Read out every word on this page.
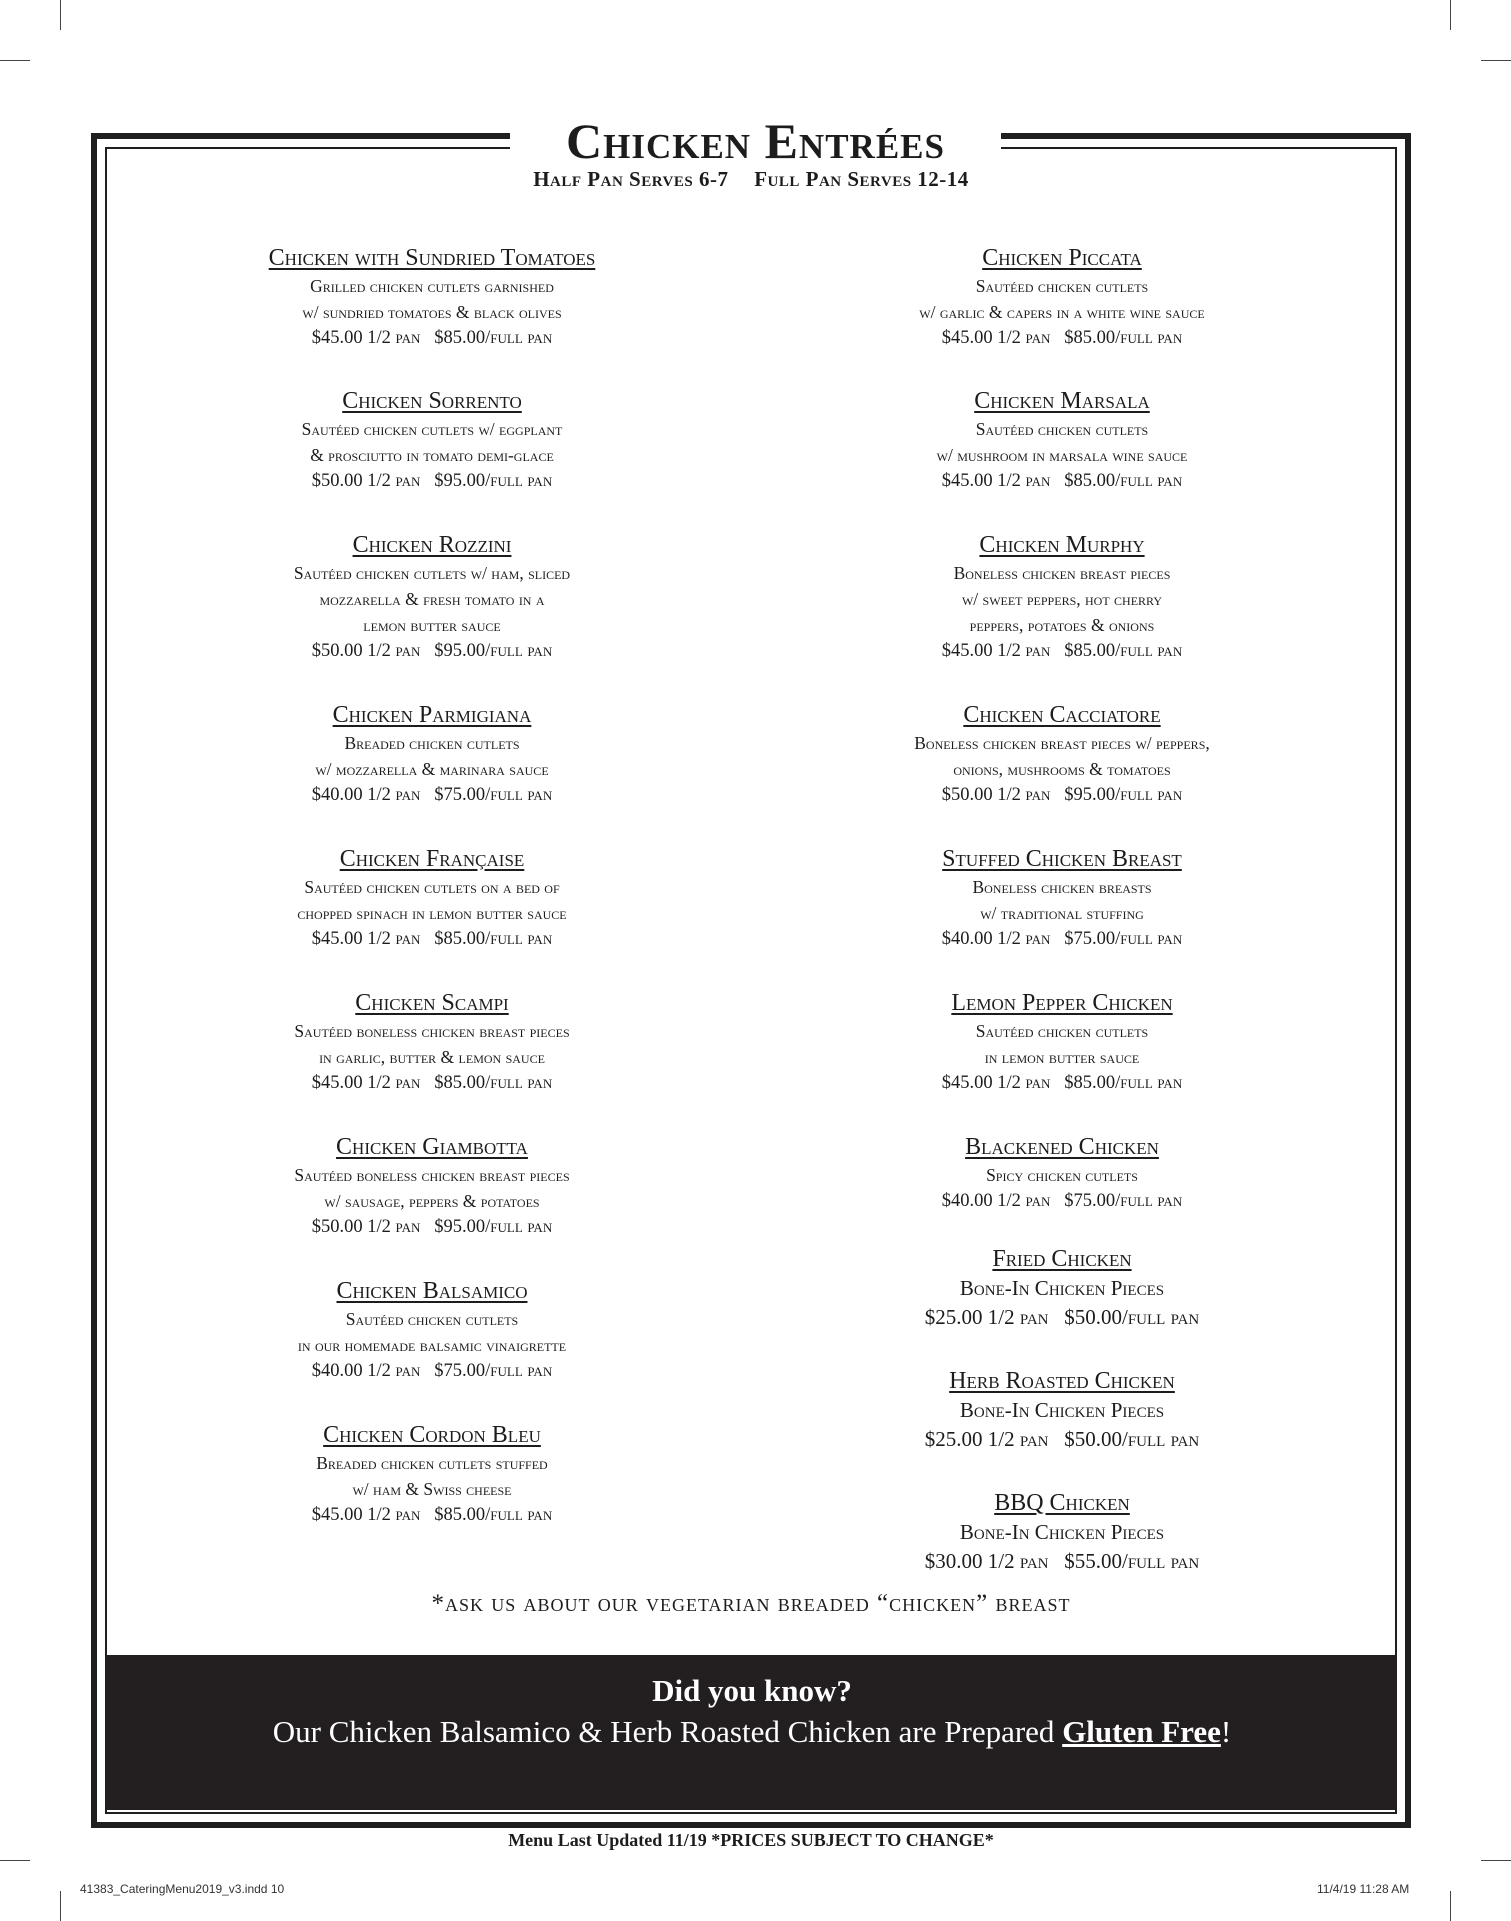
Chicken Entrées
Half Pan Serves 6-7 Full Pan Serves 12-14
Chicken with Sundried Tomatoes
Grilled chicken cutlets garnished
w/ sundried tomatoes & black olives
$45.00 1/2 pan   $85.00/full pan
Chicken Sorrento
Sautéed chicken cutlets w/ eggplant
& prosciutto in tomato demi-glace
$50.00 1/2 pan   $95.00/full pan
Chicken Rozzini
Sautéed chicken cutlets w/ ham, sliced
mozzarella & fresh tomato in a
lemon butter sauce
$50.00 1/2 pan   $95.00/full pan
Chicken Parmigiana
Breaded chicken cutlets
w/ mozzarella & marinara sauce
$40.00 1/2 pan   $75.00/full pan
Chicken Française
Sautéed chicken cutlets on a bed of
chopped spinach in lemon butter sauce
$45.00 1/2 pan   $85.00/full pan
Chicken Scampi
Sautéed boneless chicken breast pieces
in garlic, butter & lemon sauce
$45.00 1/2 pan   $85.00/full pan
Chicken Giambotta
Sautéed boneless chicken breast pieces
w/ sausage, peppers & potatoes
$50.00 1/2 pan   $95.00/full pan
Chicken Balsamico
Sautéed chicken cutlets
in our homemade balsamic vinaigrette
$40.00 1/2 pan   $75.00/full pan
Chicken Cordon Bleu
Breaded chicken cutlets stuffed
w/ ham & Swiss cheese
$45.00 1/2 pan   $85.00/full pan
Chicken Piccata
Sautéed chicken cutlets
w/ garlic & capers in a white wine sauce
$45.00 1/2 pan   $85.00/full pan
Chicken Marsala
Sautéed chicken cutlets
w/ mushroom in marsala wine sauce
$45.00 1/2 pan   $85.00/full pan
Chicken Murphy
Boneless chicken breast pieces
w/ sweet peppers, hot cherry
peppers, potatoes & onions
$45.00 1/2 pan   $85.00/full pan
Chicken Cacciatore
Boneless chicken breast pieces w/ peppers,
onions, mushrooms & tomatoes
$50.00 1/2 pan   $95.00/full pan
Stuffed Chicken Breast
Boneless chicken breasts
w/ traditional stuffing
$40.00 1/2 pan   $75.00/full pan
Lemon Pepper Chicken
Sautéed chicken cutlets
in lemon butter sauce
$45.00 1/2 pan   $85.00/full pan
Blackened Chicken
Spicy chicken cutlets
$40.00 1/2 pan   $75.00/full pan
Fried Chicken
Bone-In Chicken Pieces
$25.00 1/2 pan   $50.00/full pan
Herb Roasted Chicken
Bone-In Chicken Pieces
$25.00 1/2 pan   $50.00/full pan
BBQ Chicken
Bone-In Chicken Pieces
$30.00 1/2 pan   $55.00/full pan
*ask us about our vegetarian breaded “chicken” breast
Did you know?
Our Chicken Balsamico & Herb Roasted Chicken are Prepared Gluten Free!
Menu Last Updated 11/19 *PRICES SUBJECT TO CHANGE*
41383_CateringMenu2019_v3.indd 10	11/4/19 11:28 AM
